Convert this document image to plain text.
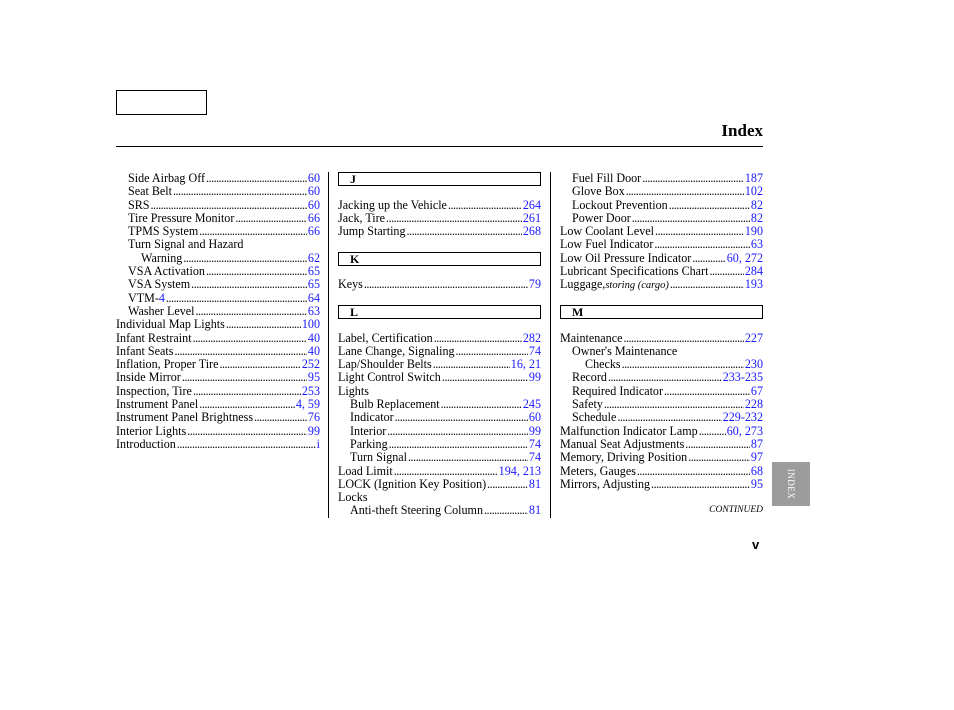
Index
Side Airbag Off .....	60
Seat Belt .....	60
SRS .....	60
Tire Pressure Monitor .....	66
TPMS System .....	66
Turn Signal and Hazard
Warning .....	62
VSA Activation .....	65
VSA System .....	65
VTM- 4 .....	64
Washer Level .....	63
Individual Map Lights .....	100
Infant Restraint .....	40
Infant Seats .....	40
Inflation, Proper Tire .....	252
Inside Mirror .....	95
Inspection, Tire .....	253
Instrument Panel .....	4, 59
Instrument Panel Brightness .....	76
Interior Lights .....	99
Introduction .....	i
J
Jacking up the Vehicle .....	264
Jack, Tire .....	261
Jump Starting .....	268
K
Keys .....	79
L
Label, Certification .....	282
Lane Change, Signaling .....	74
Lap/Shoulder Belts .....	16, 21
Light Control Switch .....	99
Lights
Bulb Replacement .....	245
Indicator .....	60
Interior .....	99
Parking .....	74
Turn Signal .....	74
Load Limit .....	194, 213
LOCK (Ignition Key Position) .....	81
Locks
Anti-theft Steering Column .....	81
Fuel Fill Door .....	187
Glove Box .....	102
Lockout Prevention .....	82
Power Door .....	82
Low Coolant Level .....	190
Low Fuel Indicator .....	63
Low Oil Pressure Indicator .....	60, 272
Lubricant Specifications Chart .....	284
Luggage, storing (cargo) .....	193
M
Maintenance .....	227
Owner's Maintenance
Checks .....	230
Record .....	233-235
Required Indicator .....	67
Safety .....	228
Schedule .....	229-232
Malfunction Indicator Lamp ..... 60, 273
Manual Seat Adjustments .....	87
Memory, Driving Position .....	97
Meters, Gauges .....	68
Mirrors, Adjusting .....	95	INDEX
CONTINUED
v
